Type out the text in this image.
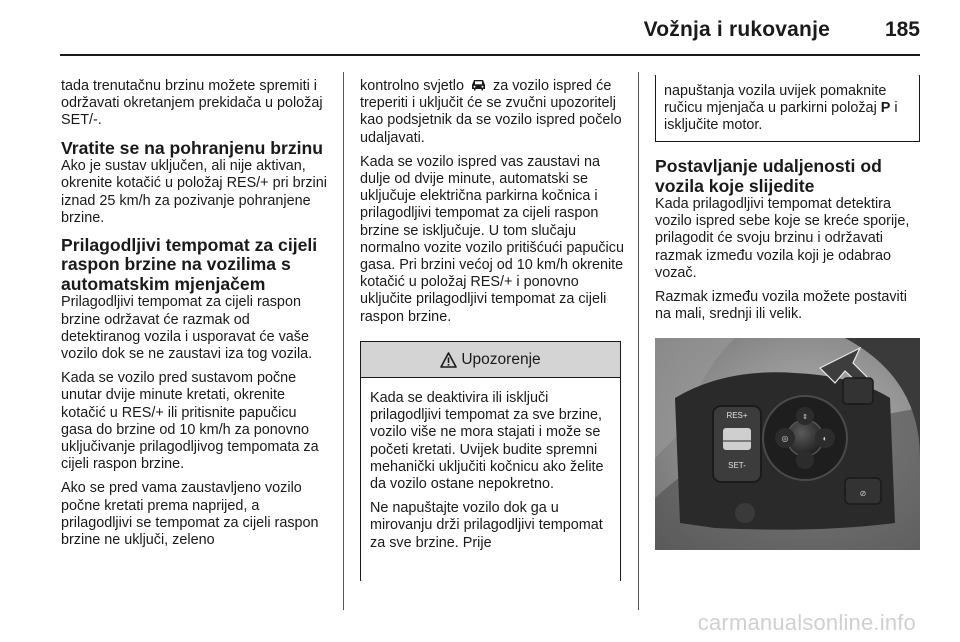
Vožnja i rukovanje	185

tada trenutačnu brzinu možete spremiti i održavati okretanjem prekidača u položaj SET/-.

Vratite se na pohranjenu brzinu

Ako je sustav uključen, ali nije aktivan, okrenite kotačić u položaj RES/+ pri brzini iznad 25 km/h za pozivanje pohranjene brzine.

Prilagodljivi tempomat za cijeli raspon brzine na vozilima s automatskim mjenjačem

Prilagodljivi tempomat za cijeli raspon brzine održavat će razmak od detektiranog vozila i usporavat će vaše vozilo dok se ne zaustavi iza tog vozila.

Kada se vozilo pred sustavom počne unutar dvije minute kretati, okrenite kotačić u RES/+ ili pritisnite papučicu gasa do brzine od 10 km/h za ponovno uključivanje prilagodljivog tempomata za cijeli raspon brzine.

Ako se pred vama zaustavljeno vozilo počne kretati prema naprijed, a prilagodljivi se tempomat za cijeli raspon brzine ne uključi, zeleno

kontrolno svjetlo za vozilo ispred će treperiti i uključit će se zvučni upozoritelj kao podsjetnik da se vozilo ispred počelo udaljavati.

Kada se vozilo ispred vas zaustavi na dulje od dvije minute, automatski se uključuje električna parkirna kočnica i prilagodljivi tempomat za cijeli raspon brzine se isključuje. U tom slučaju normalno vozite vozilo pritišćući papučicu gasa. Pri brzini većoj od 10 km/h okrenite kotačić u položaj RES/+ i ponovno uključite prilagodljivi tempomat za cijeli raspon brzine.

Upozorenje

Kada se deaktivira ili isključi prilagodljivi tempomat za sve brzine, vozilo više ne mora stajati i može se početi kretati. Uvijek budite spremni mehanički uključiti kočnicu ako želite da vozilo ostane nepokretno.

Ne napuštajte vozilo dok ga u mirovanju drži prilagodljivi tempomat za sve brzine. Prije

napuštanja vozila uvijek pomaknite ručicu mjenjača u parkirni položaj P i isključite motor.
Postavljanje udaljenosti od vozila koje slijedite

Kada prilagodljivi tempomat detektira vozilo ispred sebe koje se kreće sporije, prilagodit će svoju brzinu i održavati razmak između vozila koji je odabrao vozač.

Razmak između vozila možete postaviti na mali, srednji ili velik.

RES+
SET-
⇕
◎	◐
⊘
carmanualsonline.info
